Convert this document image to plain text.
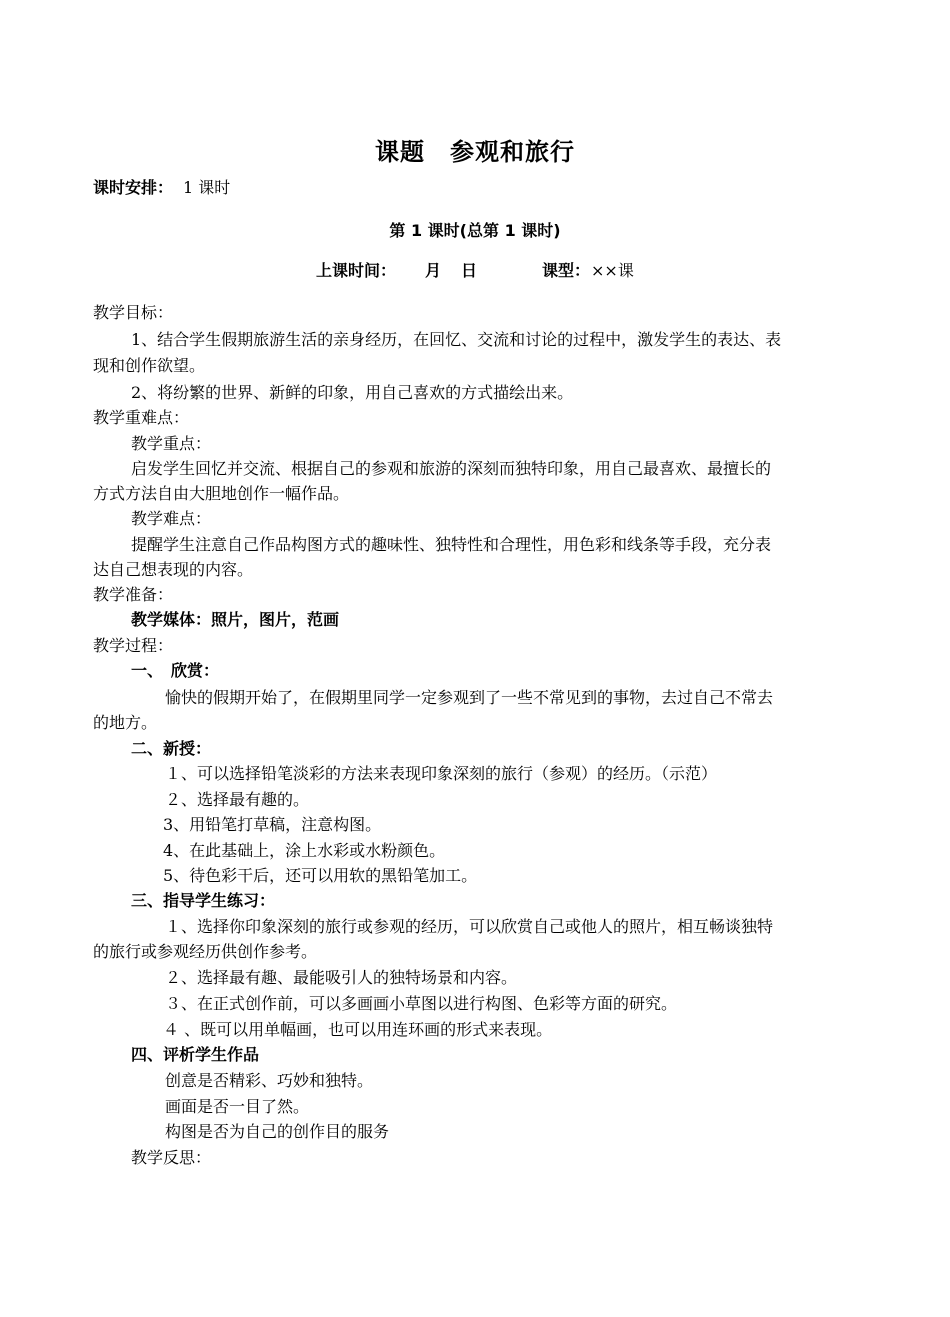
课题　参观和旅行
课时安排： 1 课时
第 1 课时(总第 1 课时)
上课时间： 月 日	课型： ××课
教学目标：
1、结合学生假期旅游生活的亲身经历，在回忆、交流和讨论的过程中，激发学生的表达、表
现和创作欲望。
2、将纷繁的世界、新鲜的印象，用自己喜欢的方式描绘出来。
教学重难点：
教学重点：
启发学生回忆并交流、根据自己的参观和旅游的深刻而独特印象，用自己最喜欢、最擅长的
方式方法自由大胆地创作一幅作品。
教学难点：
提醒学生注意自己作品构图方式的趣味性、独特性和合理性，用色彩和线条等手段，充分表
达自己想表现的内容。
教学准备：
教学媒体：照片，图片，范画
教学过程：
一、　欣赏：
愉快的假期开始了，在假期里同学一定参观到了一些不常见到的事物，去过自己不常去
的地方。
二、新授：
１、可以选择铅笔淡彩的方法来表现印象深刻的旅行（参观）的经历。（示范）
２、选择最有趣的。
3、用铅笔打草稿，注意构图。
4、在此基础上，涂上水彩或水粉颜色。
5、待色彩干后，还可以用软的黑铅笔加工。
三、指导学生练习：
１、选择你印象深刻的旅行或参观的经历，可以欣赏自己或他人的照片，相互畅谈独特
的旅行或参观经历供创作参考。
２、选择最有趣、最能吸引人的独特场景和内容。
３、在正式创作前，可以多画画小草图以进行构图、色彩等方面的研究。
４ 、既可以用单幅画，也可以用连环画的形式来表现。
四、评析学生作品
创意是否精彩、巧妙和独特。
画面是否一目了然。
构图是否为自己的创作目的服务
教学反思：
